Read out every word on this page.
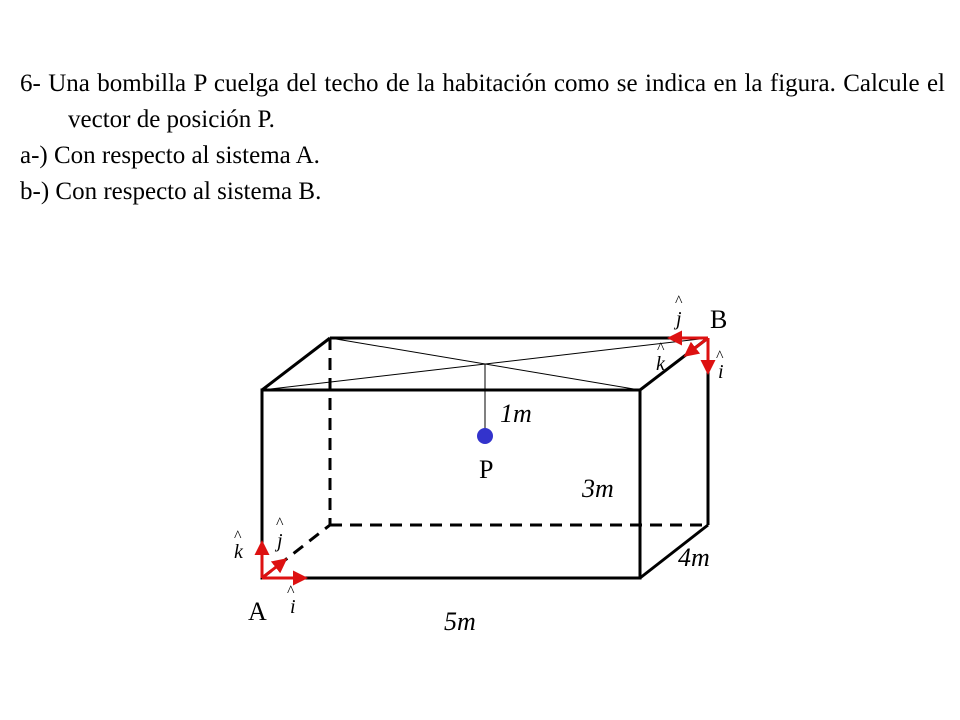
6- Una bombilla P cuelga del techo de la habitación como se indica en la figura. Calcule el vector de posición P.

a-) Con respecto al sistema A.

b-) Con respecto al sistema B.

P
1m
3m
4m
5m
k
^ j
^
i
^
A
j
^
k
^
i
^
B
